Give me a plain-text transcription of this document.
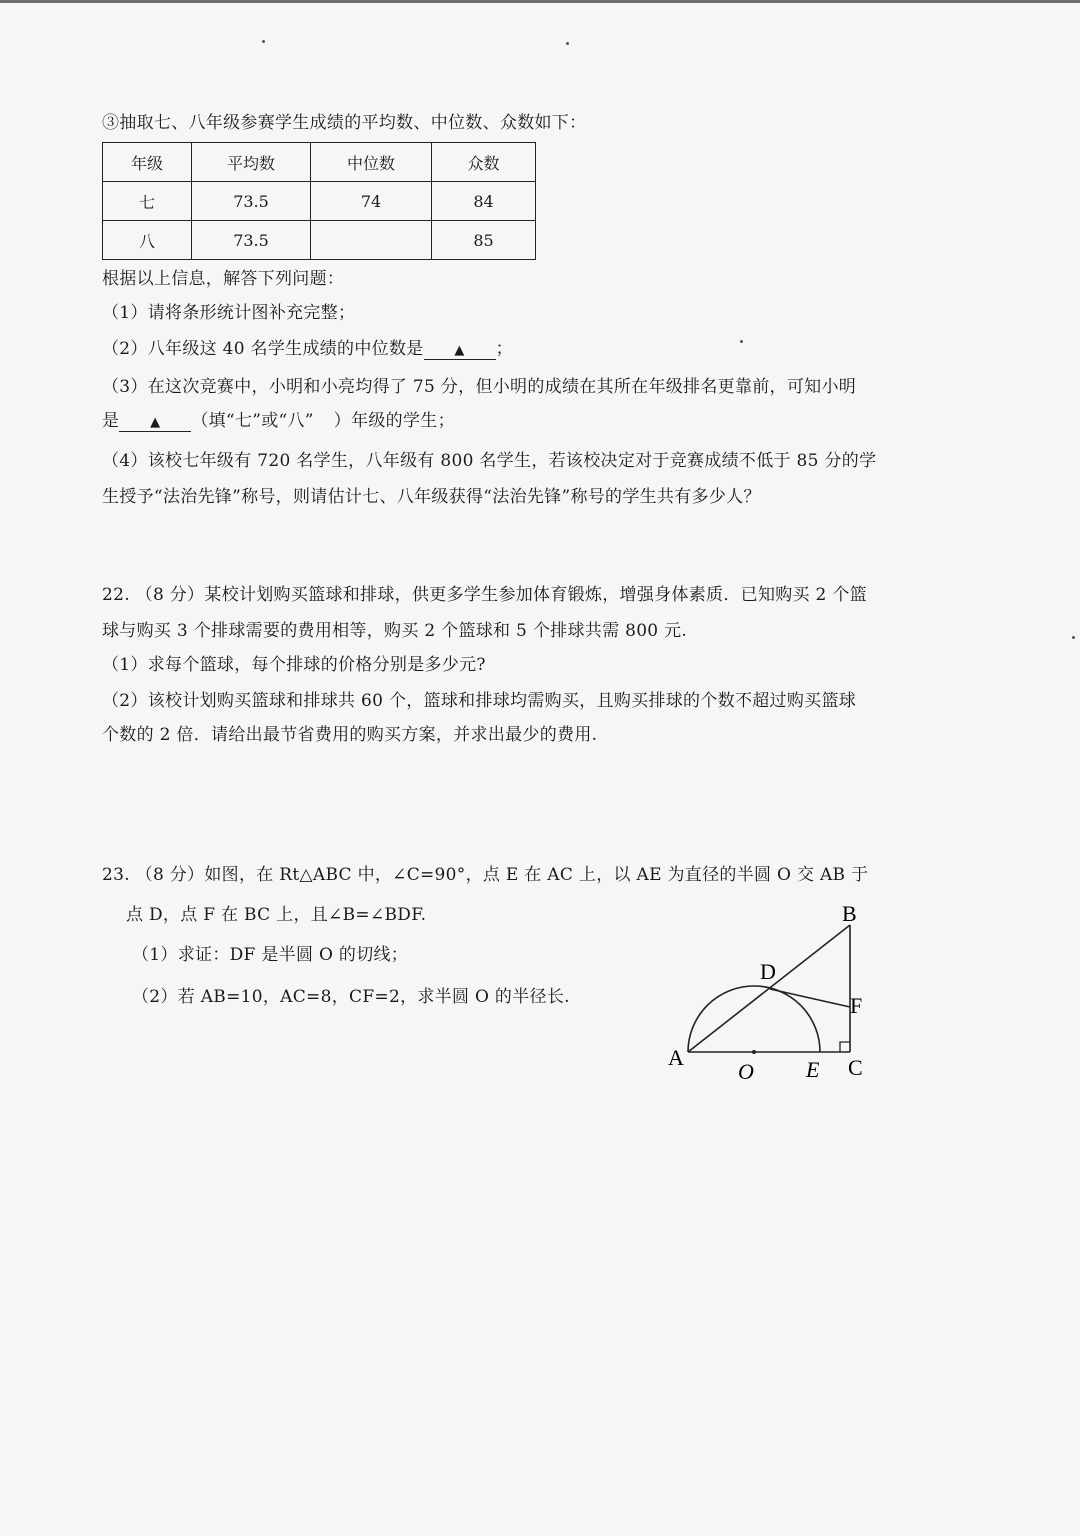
③抽取七、八年级参赛学生成绩的平均数、中位数、众数如下：
年级	平均数	中位数	众数
七	73.5	74	84
八	73.5		85
根据以上信息，解答下列问题：
（1）请将条形统计图补充完整；
（2）八年级这 40 名学生成绩的中位数是 ▲ ；
（3）在这次竞赛中，小明和小亮均得了 75 分，但小明的成绩在其所在年级排名更靠前，可知小明
是 ▲ （填“七”或“八” ）年级的学生；
（4）该校七年级有 720 名学生，八年级有 800 名学生，若该校决定对于竞赛成绩不低于 85 分的学
生授予“法治先锋”称号，则请估计七、八年级获得“法治先锋”称号的学生共有多少人？
22. （8 分）某校计划购买篮球和排球，供更多学生参加体育锻炼，增强身体素质．已知购买 2 个篮
球与购买 3 个排球需要的费用相等，购买 2 个篮球和 5 个排球共需 800 元.
（1）求每个篮球，每个排球的价格分别是多少元?
（2）该校计划购买篮球和排球共 60 个，篮球和排球均需购买，且购买排球的个数不超过购买篮球
个数的 2 倍．请给出最节省费用的购买方案，并求出最少的费用.
23. （8 分）如图，在 Rt△ABC 中，∠C=90°，点 E 在 AC 上，以 AE 为直径的半圆 O 交 AB 于
点 D，点 F 在 BC 上，且∠B=∠BDF.
（1）求证：DF 是半圆 O 的切线；
（2）若 AB=10，AC=8，CF=2，求半圆 O 的半径长.
A
B
C
D
E
F
O
